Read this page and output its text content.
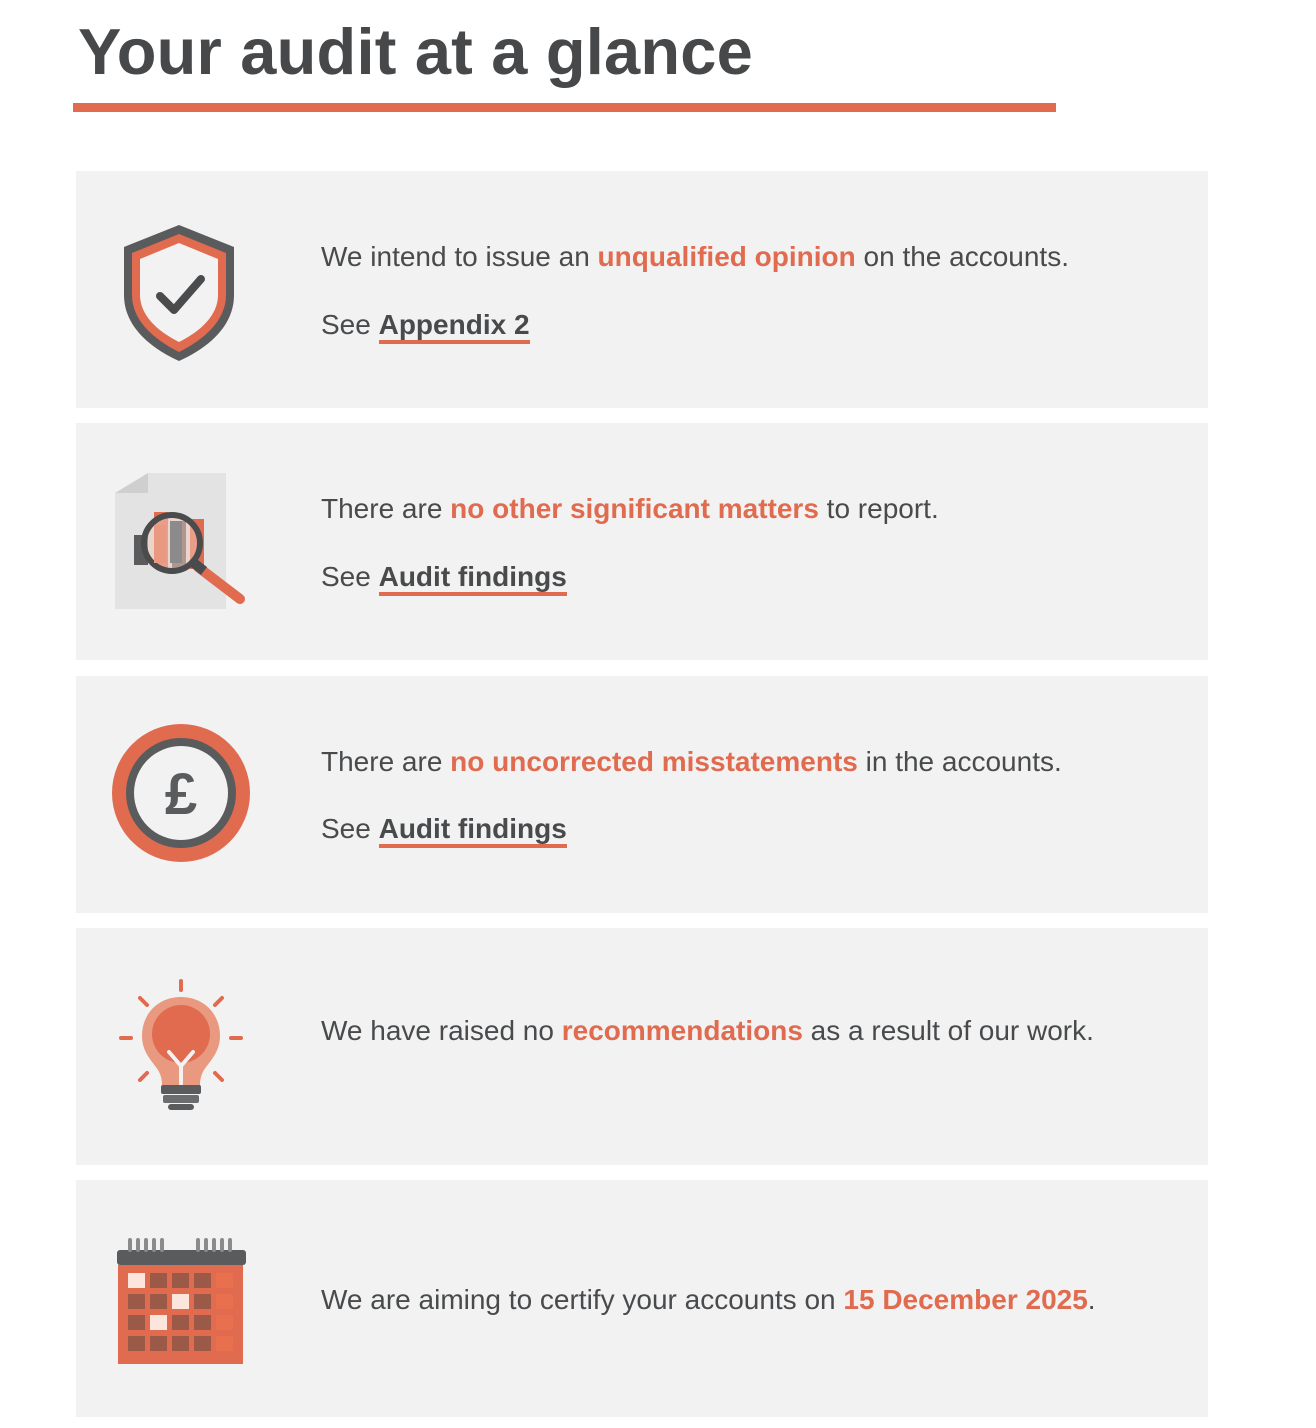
Your audit at a glance

We intend to issue an unqualified opinion on the accounts.

See Appendix 2

There are no other significant matters to report.

See Audit findings

£

There are no uncorrected misstatements in the accounts.

See Audit findings

We have raised no recommendations as a result of our work.

We are aiming to certify your accounts on 15 December 2025.
